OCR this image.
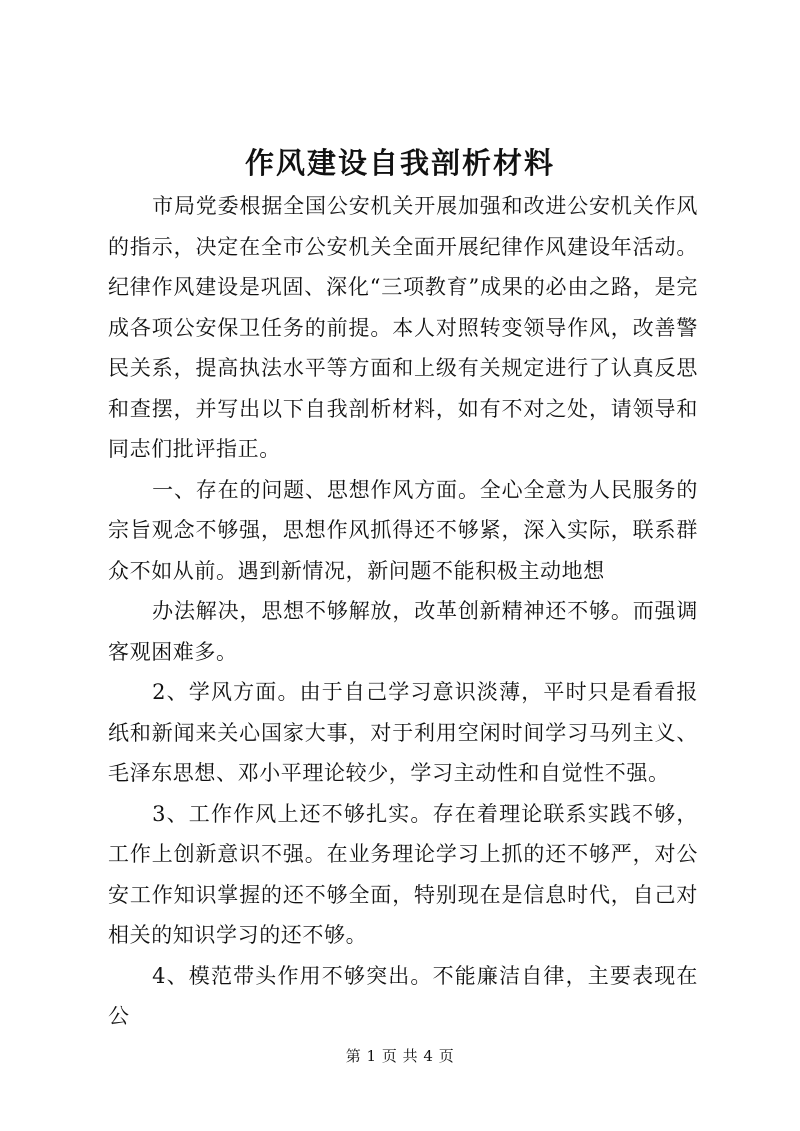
作风建设自我剖析材料

市局党委根据全国公安机关开展加强和改进公安机关作风的指示，决定在全市公安机关全面开展纪律作风建设年活动。纪律作风建设是巩固、深化“三项教育”成果的必由之路，是完成各项公安保卫任务的前提。本人对照转变领导作风，改善警民关系，提高执法水平等方面和上级有关规定进行了认真反思和查摆，并写出以下自我剖析材料，如有不对之处，请领导和同志们批评指正。

一、存在的问题、思想作风方面。全心全意为人民服务的宗旨观念不够强，思想作风抓得还不够紧，深入实际，联系群众不如从前。遇到新情况，新问题不能积极主动地想

办法解决，思想不够解放，改革创新精神还不够。而强调客观困难多。

2、学风方面。由于自己学习意识淡薄，平时只是看看报纸和新闻来关心国家大事，对于利用空闲时间学习马列主义、毛泽东思想、邓小平理论较少，学习主动性和自觉性不强。

3、工作作风上还不够扎实。存在着理论联系实践不够，工作上创新意识不强。在业务理论学习上抓的还不够严，对公安工作知识掌握的还不够全面，特别现在是信息时代，自己对相关的知识学习的还不够。

4、模范带头作用不够突出。不能廉洁自律，主要表现在公

第 1 页 共 4 页
